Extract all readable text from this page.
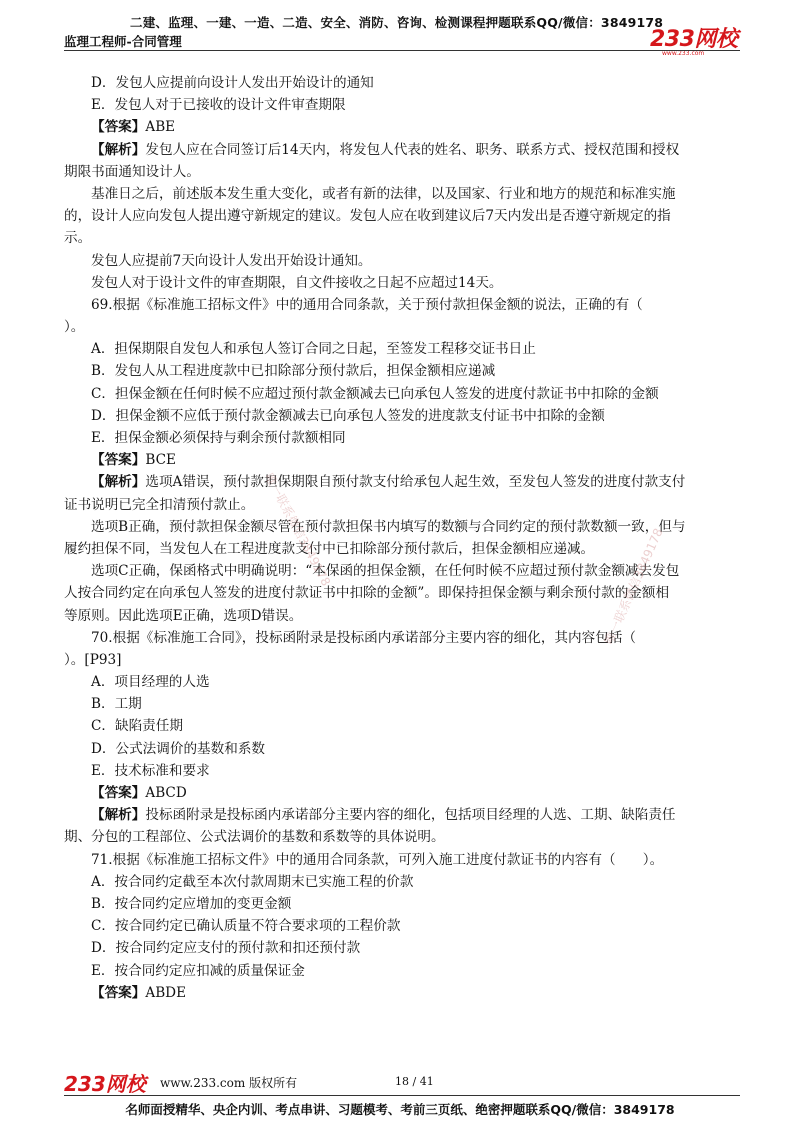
二建、监理、一建、一造、二造、安全、消防、咨询、检测课程押题联系QQ/微信：3849178
监理工程师-合同管理	233网校
www.233.com
D．发包人应提前向设计人发出开始设计的通知
E．发包人对于已接收的设计文件审查期限
【答案】ABE
【解析】发包人应在合同签订后14天内，将发包人代表的姓名、职务、联系方式、授权范围和授权
期限书面通知设计人。
基准日之后，前述版本发生重大变化，或者有新的法律，以及国家、行业和地方的规范和标准实施
的，设计人应向发包人提出遵守新规定的建议。发包人应在收到建议后7天内发出是否遵守新规定的指
示。
发包人应提前7天向设计人发出开始设计通知。
发包人对于设计文件的审查期限，自文件接收之日起不应超过14天。
69.根据《标准施工招标文件》中的通用合同条款，关于预付款担保金额的说法，正确的有（
）。
A．担保期限自发包人和承包人签订合同之日起，至签发工程移交证书日止
B．发包人从工程进度款中已扣除部分预付款后，担保金额相应递减
C．担保金额在任何时候不应超过预付款金额减去已向承包人签发的进度付款证书中扣除的金额
D．担保金额不应低于预付款金额减去已向承包人签发的进度款支付证书中扣除的金额
E．担保金额必须保持与剩余预付款额相同
【答案】BCE
【解析】选项A错误，预付款担保期限自预付款支付给承包人起生效，至发包人签发的进度付款支付
证书说明已完全扣清预付款止。
选项B正确，预付款担保金额尽管在预付款担保书内填写的数额与合同约定的预付款数额一致，但与
履约担保不同，当发包人在工程进度款支付中已扣除部分预付款后，担保金额相应递减。
选项C正确，保函格式中明确说明：“本保函的担保金额，在任何时候不应超过预付款金额减去发包
人按合同约定在向承包人签发的进度付款证书中扣除的金额”。即保持担保金额与剩余预付款的金额相
等原则。因此选项E正确，选项D错误。
70.根据《标准施工合同》，投标函附录是投标函内承诺部分主要内容的细化，其内容包括（
）。[P93]
A．项目经理的人选
B．工期
C．缺陷责任期
D．公式法调价的基数和系数
E．技术标准和要求
【答案】ABCD
【解析】投标函附录是投标函内承诺部分主要内容的细化，包括项目经理的人选、工期、缺陷责任
期、分包的工程部位、公式法调价的基数和系数等的具体说明。
71.根据《标准施工招标文件》中的通用合同条款，可列入施工进度付款证书的内容有（　　）。
A．按合同约定截至本次付款周期末已实施工程的价款
B．按合同约定应增加的变更金额
C．按合同约定已确认质量不符合要求项的工程价款
D．按合同约定应支付的预付款和扣还预付款
E．按合同约定应扣减的质量保证金
【答案】ABDE
唯一联系微信3849178	唯一联系微信3849178
233网校 www.233.com 版权所有	18 / 41
名师面授精华、央企内训、考点串讲、习题模考、考前三页纸、绝密押题联系QQ/微信：3849178
